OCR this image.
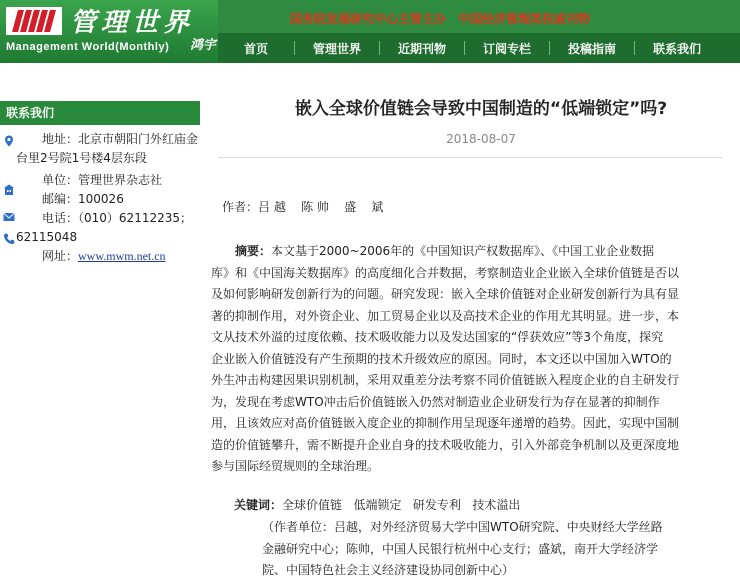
管理世界
Management World(Monthly) 鸿宇
国务院发展研究中心主管主办 中国经济管理类权威刊物
首页	管理世界	近期刊物	订阅专栏	投稿指南	联系我们
联系我们
地址：北京市朝阳门外红庙金
台里2号院1号楼4层东段
单位：管理世界杂志社
邮编：100026
电话：（010）62112235；
62115048
网址：www.mwm.net.cn
嵌入全球价值链会导致中国制造的“低端锁定”吗?
2018-08-07
作者：吕 越    陈 帅    盛    斌
摘要：本文基于2000~2006年的《中国知识产权数据库》、《中国工业企业数据
库》和《中国海关数据库》的高度细化合并数据，考察制造业企业嵌入全球价值链是否以
及如何影响研发创新行为的问题。研究发现：嵌入全球价值链对企业研发创新行为具有显
著的抑制作用，对外资企业、加工贸易企业以及高技术企业的作用尤其明显。进一步，本
文从技术外溢的过度依赖、技术吸收能力以及发达国家的“俘获效应”等3个角度，探究
企业嵌入价值链没有产生预期的技术升级效应的原因。同时，本文还以中国加入WTO的
外生冲击构建因果识别机制，采用双重差分法考察不同价值链嵌入程度企业的自主研发行
为，发现在考虑WTO冲击后价值链嵌入仍然对制造业企业研发行为存在显著的抑制作
用，且该效应对高价值链嵌入度企业的抑制作用呈现逐年递增的趋势。因此，实现中国制
造的价值链攀升，需不断提升企业自身的技术吸收能力，引入外部竞争机制以及更深度地
参与国际经贸规则的全球治理。
关键词：全球价值链   低端锁定   研发专利   技术溢出
（作者单位：吕越，对外经济贸易大学中国WTO研究院、中央财经大学丝路
金融研究中心；陈帅，中国人民银行杭州中心支行；盛斌，南开大学经济学
院、中国特色社会主义经济建设协同创新中心）
